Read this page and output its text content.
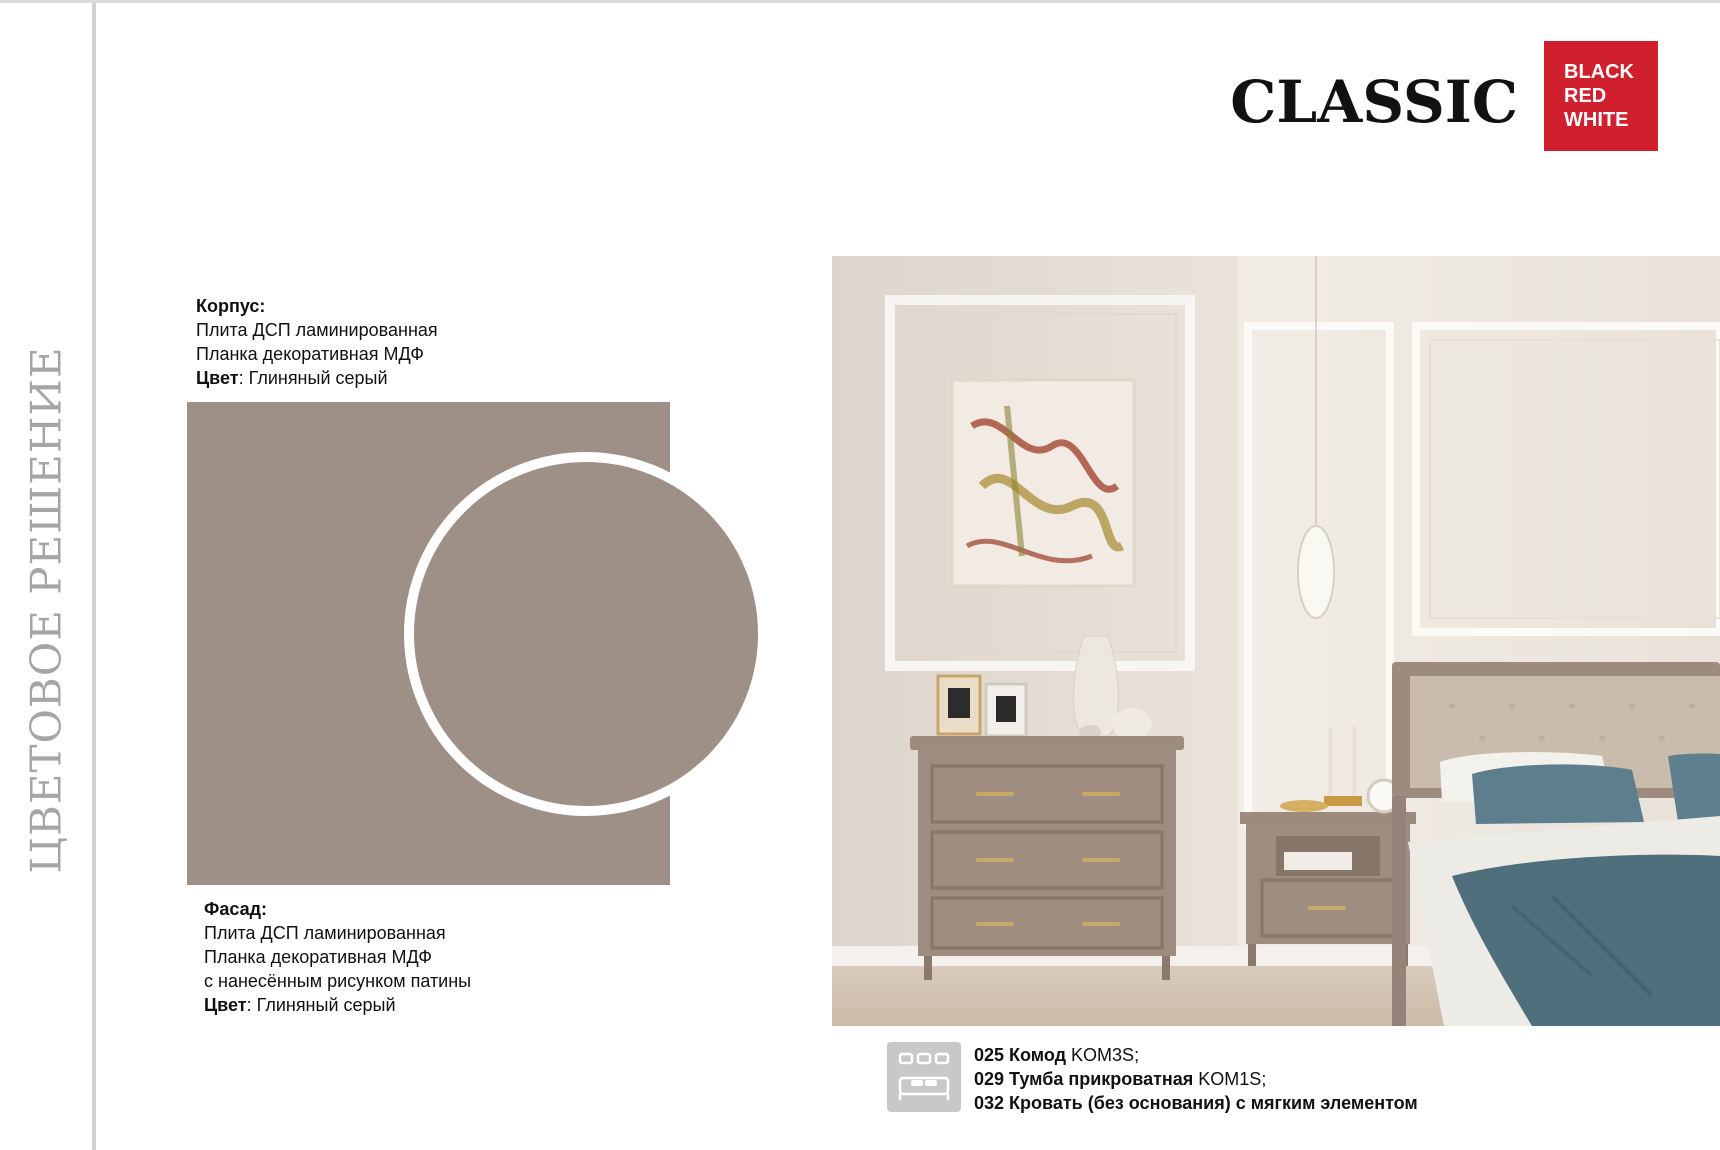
ЦВЕТОВОЕ РЕШЕНИЕ
CLASSIC BLACK
RED
WHITE
Корпус:
Плита ДСП ламинированная
Планка декоративная МДФ
Цвет: Глиняный серый
Фасад:
Плита ДСП ламинированная
Планка декоративная МДФ
с нанесённым рисунком патины
Цвет: Глиняный серый
025 Комод KOM3S;
029 Тумба прикроватная KOM1S;
032 Кровать (без основания) с мягким элементом
